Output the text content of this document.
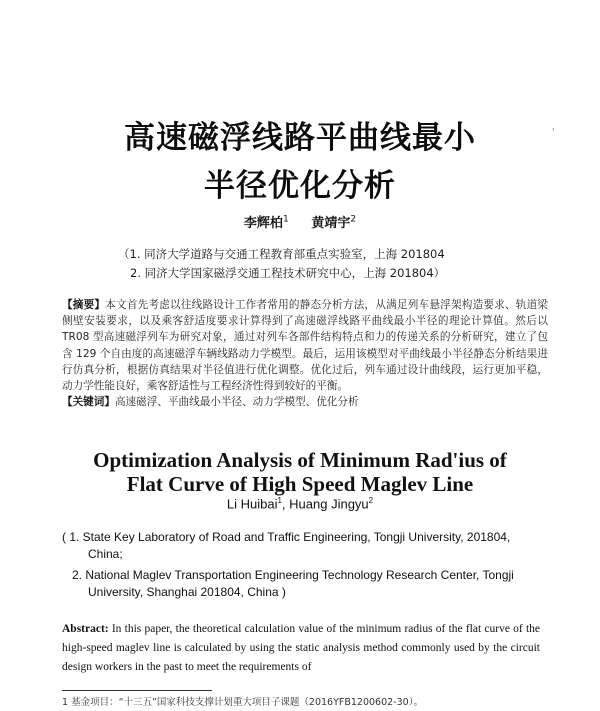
'
高速磁浮线路平曲线最小
半径优化分析
李辉柏$^1$ 黄靖宇$^2$
（1. 同济大学道路与交通工程教育部重点实验室，上海 201804
2. 同济大学国家磁浮交通工程技术研究中心，上海 201804）
【摘要】本文首先考虑以往线路设计工作者常用的静态分析方法，从满足列车悬浮架构造要求、轨道梁侧壁安装要求，以及乘客舒适度要求计算得到了高速磁浮线路平曲线最小半径的理论计算值。然后以 TR08 型高速磁浮列车为研究对象，通过对列车各部件结构特点和力的传递关系的分析研究，建立了包含 129 个自由度的高速磁浮车辆线路动力学模型。最后，运用该模型对平曲线最小半径静态分析结果进行仿真分析，根据仿真结果对半径值进行优化调整。优化过后，列车通过设计曲线段，运行更加平稳，动力学性能良好，乘客舒适性与工程经济性得到较好的平衡。
【关键词】高速磁浮、平曲线最小半径、动力学模型、优化分析
Optimization Analysis of Minimum Rad'ius of
Flat Curve of High Speed Maglev Line
Li Huibai$^1$, Huang Jingyu$^2$
( 1. State Key Laboratory of Road and Traffic Engineering, Tongji University, 201804,
China;
2. National Maglev Transportation Engineering Technology Research Center, Tongji
University, Shanghai 201804, China )
Abstract: In this paper, the theoretical calculation value of the minimum radius of the flat curve of the high-speed maglev line is calculated by using the static analysis method commonly used by the circuit design workers in the past to meet the requirements of
1 基金项目：“十三五”国家科技支撑计划重大项目子课题（2016YFB1200602-30）。
